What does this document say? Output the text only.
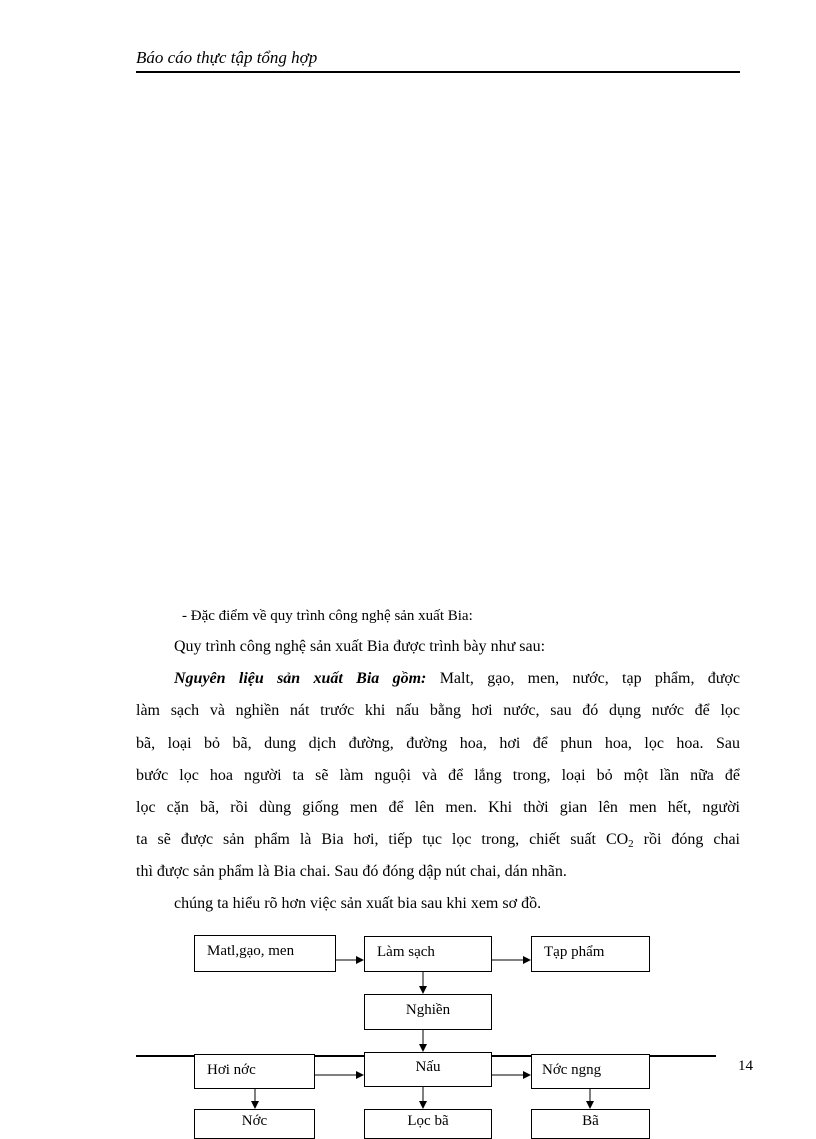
Báo cáo thực tập tổng hợp
- Đặc điểm về quy trình công nghệ sản xuất Bia:
Quy trình công nghệ sản xuất Bia được trình bày như sau:
Nguyên liệu sản xuất Bia gồm: Malt, gạo, men, nước, tạp phẩm, được
làm sạch và nghiền nát trước khi nấu bằng hơi nước, sau đó dụng nước để lọc
bã, loại bỏ bã, dung dịch đường, đường hoa, hơi để phun hoa, lọc hoa. Sau
bước lọc hoa người ta sẽ làm nguội và để lắng trong, loại bỏ một lần nữa để
lọc cặn bã, rồi dùng giống men để lên men. Khi thời gian lên men hết, người
ta sẽ được sản phẩm là Bia hơi, tiếp tục lọc trong, chiết suất $CO_2$ rồi đóng chai
thì được sản phẩm là Bia chai. Sau đó đóng dập nút chai, dán nhãn.
chúng ta hiểu rõ hơn việc sản xuất bia sau khi xem sơ đồ.
Matl,gạo, men	Làm sạch	Tạp phẩm
Nghiền
Hơi nớc	Nấu	Nớc ngng
Nớc	Lọc bã	Bã
14
